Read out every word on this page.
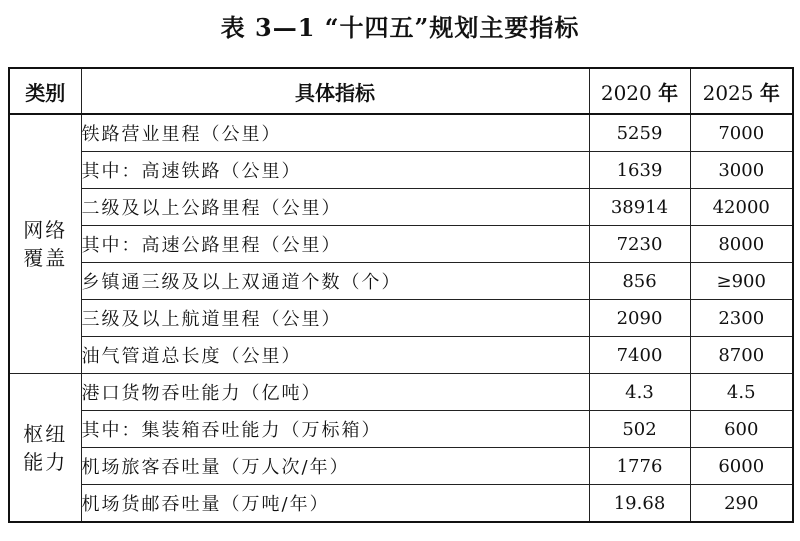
表 3—1 “十四五”规划主要指标
类别	具体指标	2020 年	2025 年

网络
覆盖	铁路营业里程（公里）	5259	7000
	其中：高速铁路（公里）	1639	3000
	二级及以上公路里程（公里）	38914	42000
	其中：高速公路里程（公里）	7230	8000
	乡镇通三级及以上双通道个数（个）	856	≥900
	三级及以上航道里程（公里）	2090	2300
	油气管道总长度（公里）	7400	8700

枢纽
能力	港口货物吞吐能力（亿吨）	4.3	4.5
	其中：集装箱吞吐能力（万标箱）	502	600
	机场旅客吞吐量（万人次/年）	1776	6000
	机场货邮吞吐量（万吨/年）	19.68	290
